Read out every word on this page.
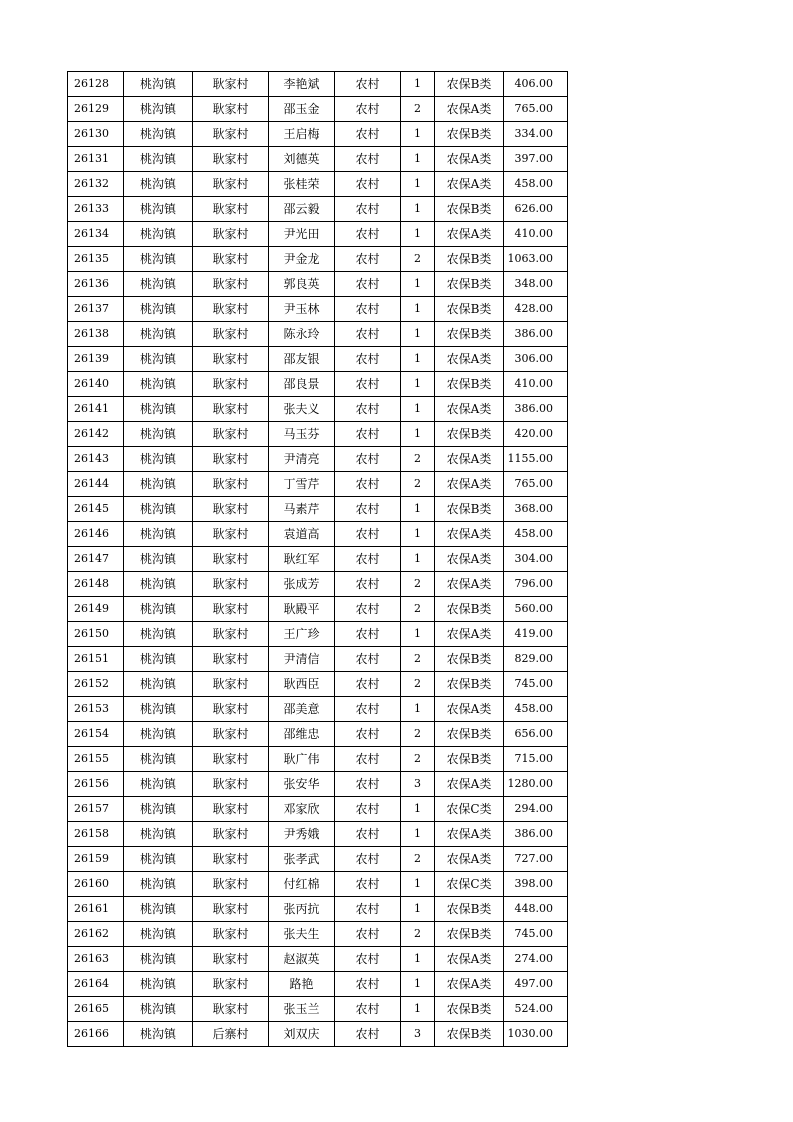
26128	桃沟镇	耿家村	李艳斌	农村	1	农保B类	406.00
26129	桃沟镇	耿家村	邵玉金	农村	2	农保A类	765.00
26130	桃沟镇	耿家村	王启梅	农村	1	农保B类	334.00
26131	桃沟镇	耿家村	刘德英	农村	1	农保A类	397.00
26132	桃沟镇	耿家村	张桂荣	农村	1	农保A类	458.00
26133	桃沟镇	耿家村	邵云毅	农村	1	农保B类	626.00
26134	桃沟镇	耿家村	尹光田	农村	1	农保A类	410.00
26135	桃沟镇	耿家村	尹金龙	农村	2	农保B类	1063.00
26136	桃沟镇	耿家村	郭良英	农村	1	农保B类	348.00
26137	桃沟镇	耿家村	尹玉林	农村	1	农保B类	428.00
26138	桃沟镇	耿家村	陈永玲	农村	1	农保B类	386.00
26139	桃沟镇	耿家村	邵友银	农村	1	农保A类	306.00
26140	桃沟镇	耿家村	邵良景	农村	1	农保B类	410.00
26141	桃沟镇	耿家村	张夫义	农村	1	农保A类	386.00
26142	桃沟镇	耿家村	马玉芬	农村	1	农保B类	420.00
26143	桃沟镇	耿家村	尹清亮	农村	2	农保A类	1155.00
26144	桃沟镇	耿家村	丁雪芹	农村	2	农保A类	765.00
26145	桃沟镇	耿家村	马素芹	农村	1	农保B类	368.00
26146	桃沟镇	耿家村	袁道高	农村	1	农保A类	458.00
26147	桃沟镇	耿家村	耿红军	农村	1	农保A类	304.00
26148	桃沟镇	耿家村	张成芳	农村	2	农保A类	796.00
26149	桃沟镇	耿家村	耿殿平	农村	2	农保B类	560.00
26150	桃沟镇	耿家村	王广珍	农村	1	农保A类	419.00
26151	桃沟镇	耿家村	尹清信	农村	2	农保B类	829.00
26152	桃沟镇	耿家村	耿西臣	农村	2	农保B类	745.00
26153	桃沟镇	耿家村	邵美意	农村	1	农保A类	458.00
26154	桃沟镇	耿家村	邵维忠	农村	2	农保B类	656.00
26155	桃沟镇	耿家村	耿广伟	农村	2	农保B类	715.00
26156	桃沟镇	耿家村	张安华	农村	3	农保A类	1280.00
26157	桃沟镇	耿家村	邓家欣	农村	1	农保C类	294.00
26158	桃沟镇	耿家村	尹秀娥	农村	1	农保A类	386.00
26159	桃沟镇	耿家村	张孝武	农村	2	农保A类	727.00
26160	桃沟镇	耿家村	付红棉	农村	1	农保C类	398.00
26161	桃沟镇	耿家村	张丙抗	农村	1	农保B类	448.00
26162	桃沟镇	耿家村	张夫生	农村	2	农保B类	745.00
26163	桃沟镇	耿家村	赵淑英	农村	1	农保A类	274.00
26164	桃沟镇	耿家村	路艳	农村	1	农保A类	497.00
26165	桃沟镇	耿家村	张玉兰	农村	1	农保B类	524.00
26166	桃沟镇	后寨村	刘双庆	农村	3	农保B类	1030.00
